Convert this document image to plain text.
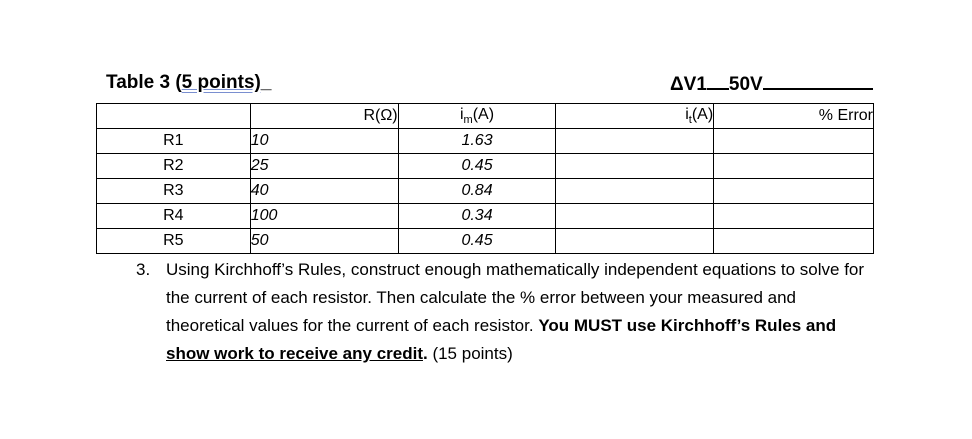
Table 3 (5 points)_	ΔV1 50V
	R(Ω)	$i_m(A)$	$i_t(A)$	% Error
R1	10	1.63		
R2	25	0.45		
R3	40	0.84		
R4	100	0.34		
R5	50	0.45		
3. Using Kirchhoff’s Rules, construct enough mathematically independent equations to solve for the current of each resistor. Then calculate the % error between your measured and theoretical values for the current of each resistor. You MUST use Kirchhoff’s Rules and show work to receive any credit. (15 points)
